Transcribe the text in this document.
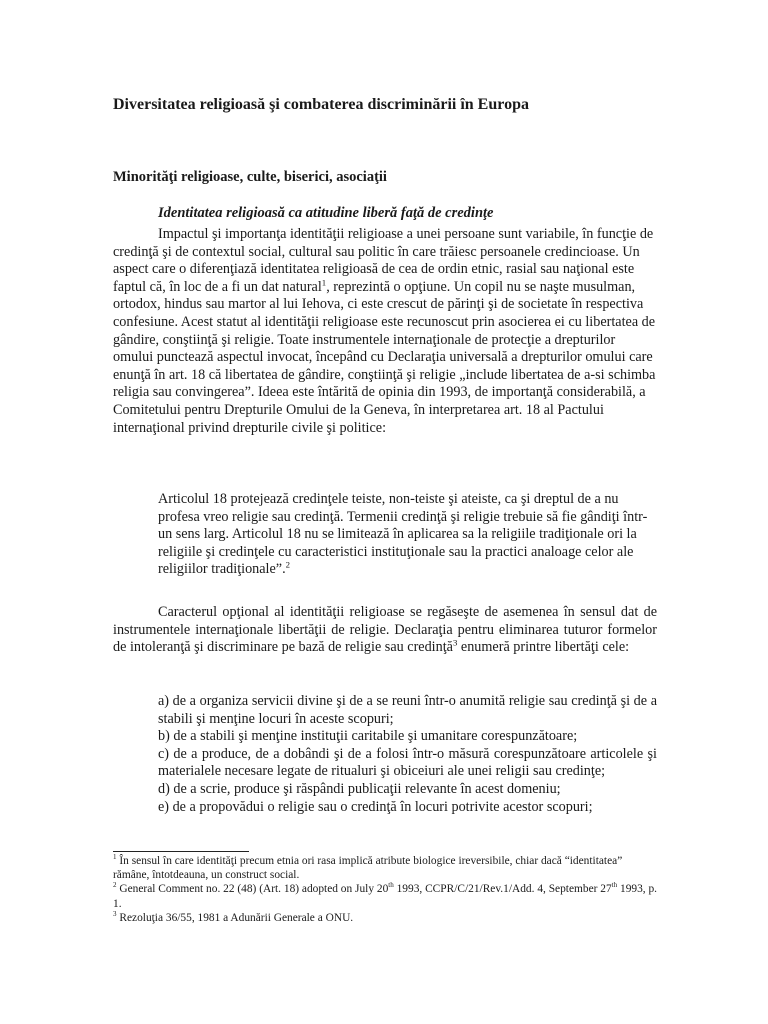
Diversitatea religioasă şi combaterea discriminării în Europa
Minorităţi religioase, culte, biserici, asociaţii
Identitatea religioasă ca atitudine liberă faţă de credinţe

Impactul şi importanţa identităţii religioase a unei persoane sunt variabile, în funcţie de credinţă şi de contextul social, cultural sau politic în care trăiesc persoanele credincioase. Un aspect care o diferenţiază identitatea religioasă de cea de ordin etnic, rasial sau naţional este faptul că, în loc de a fi un dat natural$^1$, reprezintă o opţiune. Un copil nu se naşte musulman, ortodox, hindus sau martor al lui Iehova, ci este crescut de părinţi şi de societate în respectiva confesiune. Acest statut al identităţii religioase este recunoscut prin asocierea ei cu libertatea de gândire, conştiinţă şi religie. Toate instrumentele internaţionale de protecţie a drepturilor omului punctează aspectul invocat, începând cu Declaraţia universală a drepturilor omului care enunţă în art. 18 că libertatea de gândire, conştiinţă şi religie „include libertatea de a-si schimba religia sau convingerea”. Ideea este întărită de opinia din 1993, de importanţă considerabilă, a Comitetului pentru Drepturile Omului de la Geneva, în interpretarea art. 18 al Pactului internaţional privind drepturile civile şi politice:

Articolul 18 protejează credinţele teiste, non-teiste şi ateiste, ca şi dreptul de a nu profesa vreo religie sau credinţă. Termenii credinţă şi religie trebuie să fie gândiţi într-un sens larg. Articolul 18 nu se limitează în aplicarea sa la religiile tradiţionale ori la religiile şi credinţele cu caracteristici instituţionale sau la practici analoage celor ale religiilor tradiţionale”.$^2$

Caracterul opţional al identităţii religioase se regăseşte de asemenea în sensul dat de instrumentele internaţionale libertăţii de religie. Declaraţia pentru eliminarea tuturor formelor de intoleranţă şi discriminare pe bază de religie sau credinţă$^3$ enumeră printre libertăţi cele:

a) de a organiza servicii divine şi de a se reuni într-o anumită religie sau credinţă şi de a stabili şi menţine locuri în aceste scopuri;
b) de a stabili şi menţine instituţii caritabile şi umanitare corespunzătoare;
c) de a produce, de a dobândi şi de a folosi într-o măsură corespunzătoare articolele şi materialele necesare legate de ritualuri şi obiceiuri ale unei religii sau credinţe;
d) de a scrie, produce şi răspândi publicaţii relevante în acest domeniu;
e) de a propovădui o religie sau o credinţă în locuri potrivite acestor scopuri;

$^1$ În sensul în care identităţi precum etnia ori rasa implică atribute biologice ireversibile, chiar dacă “identitatea” rămâne, întotdeauna, un construct social.

$^2$ General Comment no. 22 (48) (Art. 18) adopted on July 20th 1993, CCPR/C/21/Rev.1/Add. 4, September 27th 1993, p. 1.

$^3$ Rezoluţia 36/55, 1981 a Adunării Generale a ONU.
